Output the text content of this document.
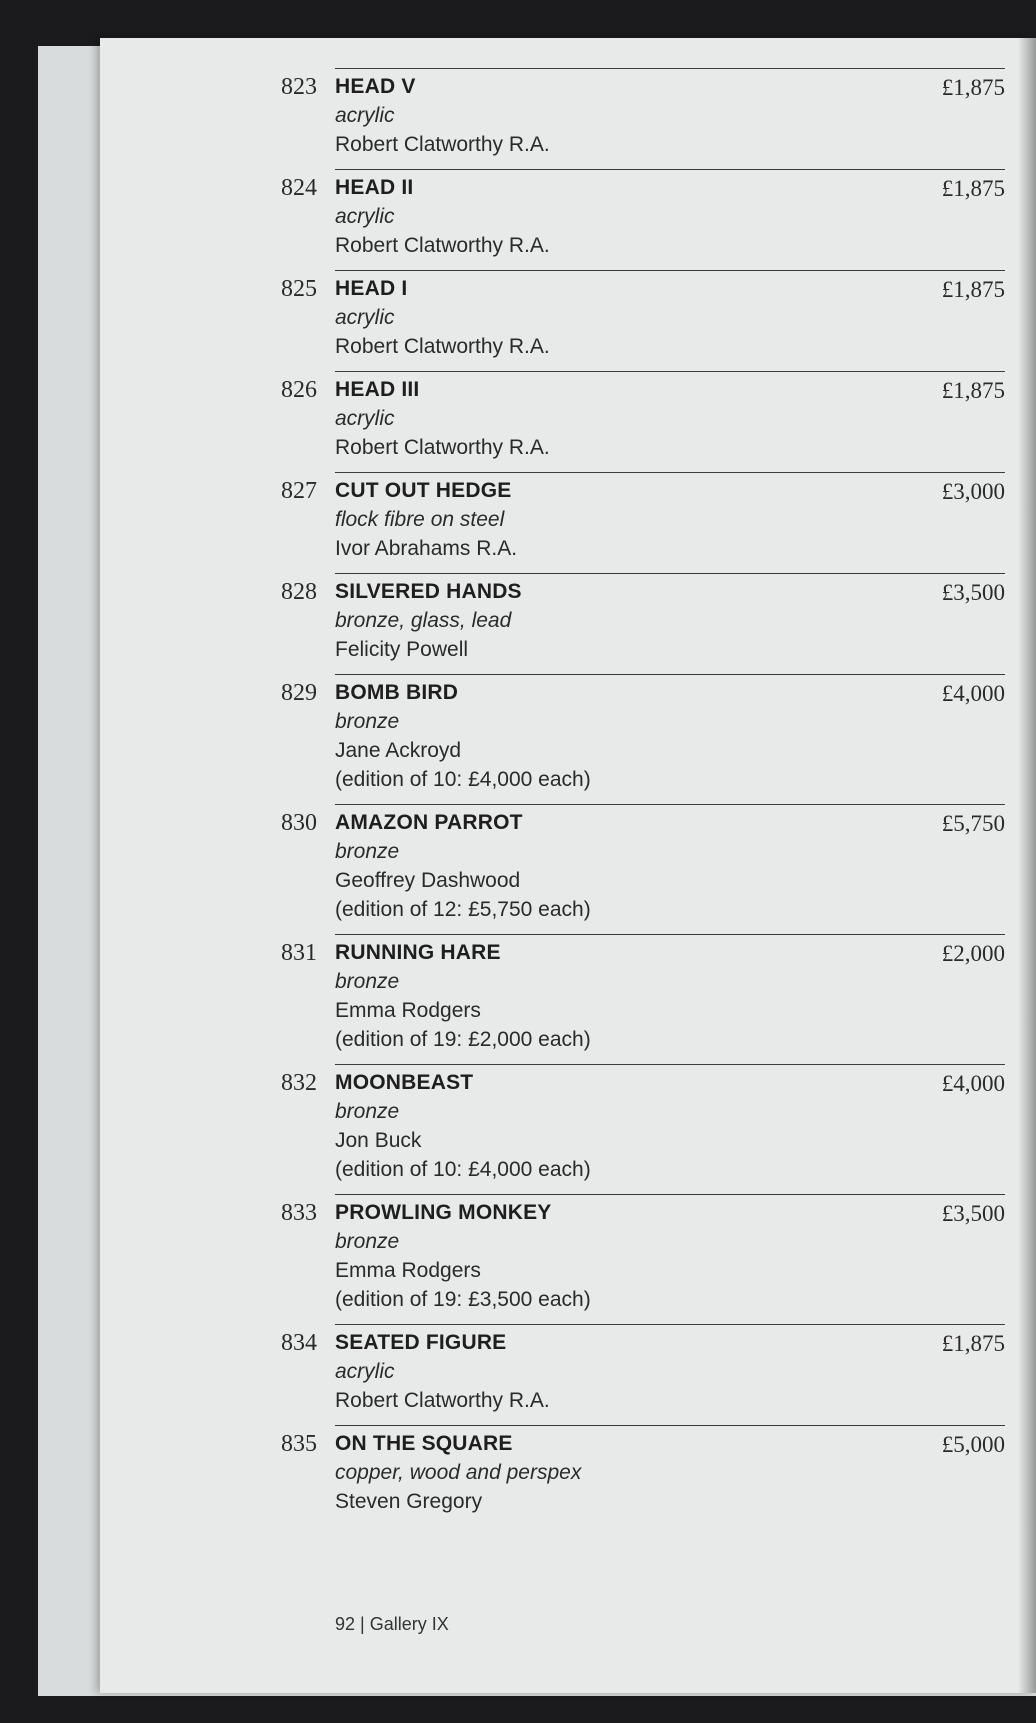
823 HEAD V	£1,875
acrylic
Robert Clatworthy R.A.
824 HEAD II	£1,875
acrylic
Robert Clatworthy R.A.
825 HEAD I	£1,875
acrylic
Robert Clatworthy R.A.
826 HEAD III	£1,875
acrylic
Robert Clatworthy R.A.
827 CUT OUT HEDGE	£3,000
flock fibre on steel
Ivor Abrahams R.A.
828 SILVERED HANDS	£3,500
bronze, glass, lead
Felicity Powell
829 BOMB BIRD	£4,000
bronze
Jane Ackroyd
(edition of 10: £4,000 each)
830 AMAZON PARROT	£5,750
bronze
Geoffrey Dashwood
(edition of 12: £5,750 each)
831 RUNNING HARE	£2,000
bronze
Emma Rodgers
(edition of 19: £2,000 each)
832 MOONBEAST	£4,000
bronze
Jon Buck
(edition of 10: £4,000 each)
833 PROWLING MONKEY	£3,500
bronze
Emma Rodgers
(edition of 19: £3,500 each)
834 SEATED FIGURE	£1,875
acrylic
Robert Clatworthy R.A.
835 ON THE SQUARE	£5,000
copper, wood and perspex
Steven Gregory
92 | Gallery IX
